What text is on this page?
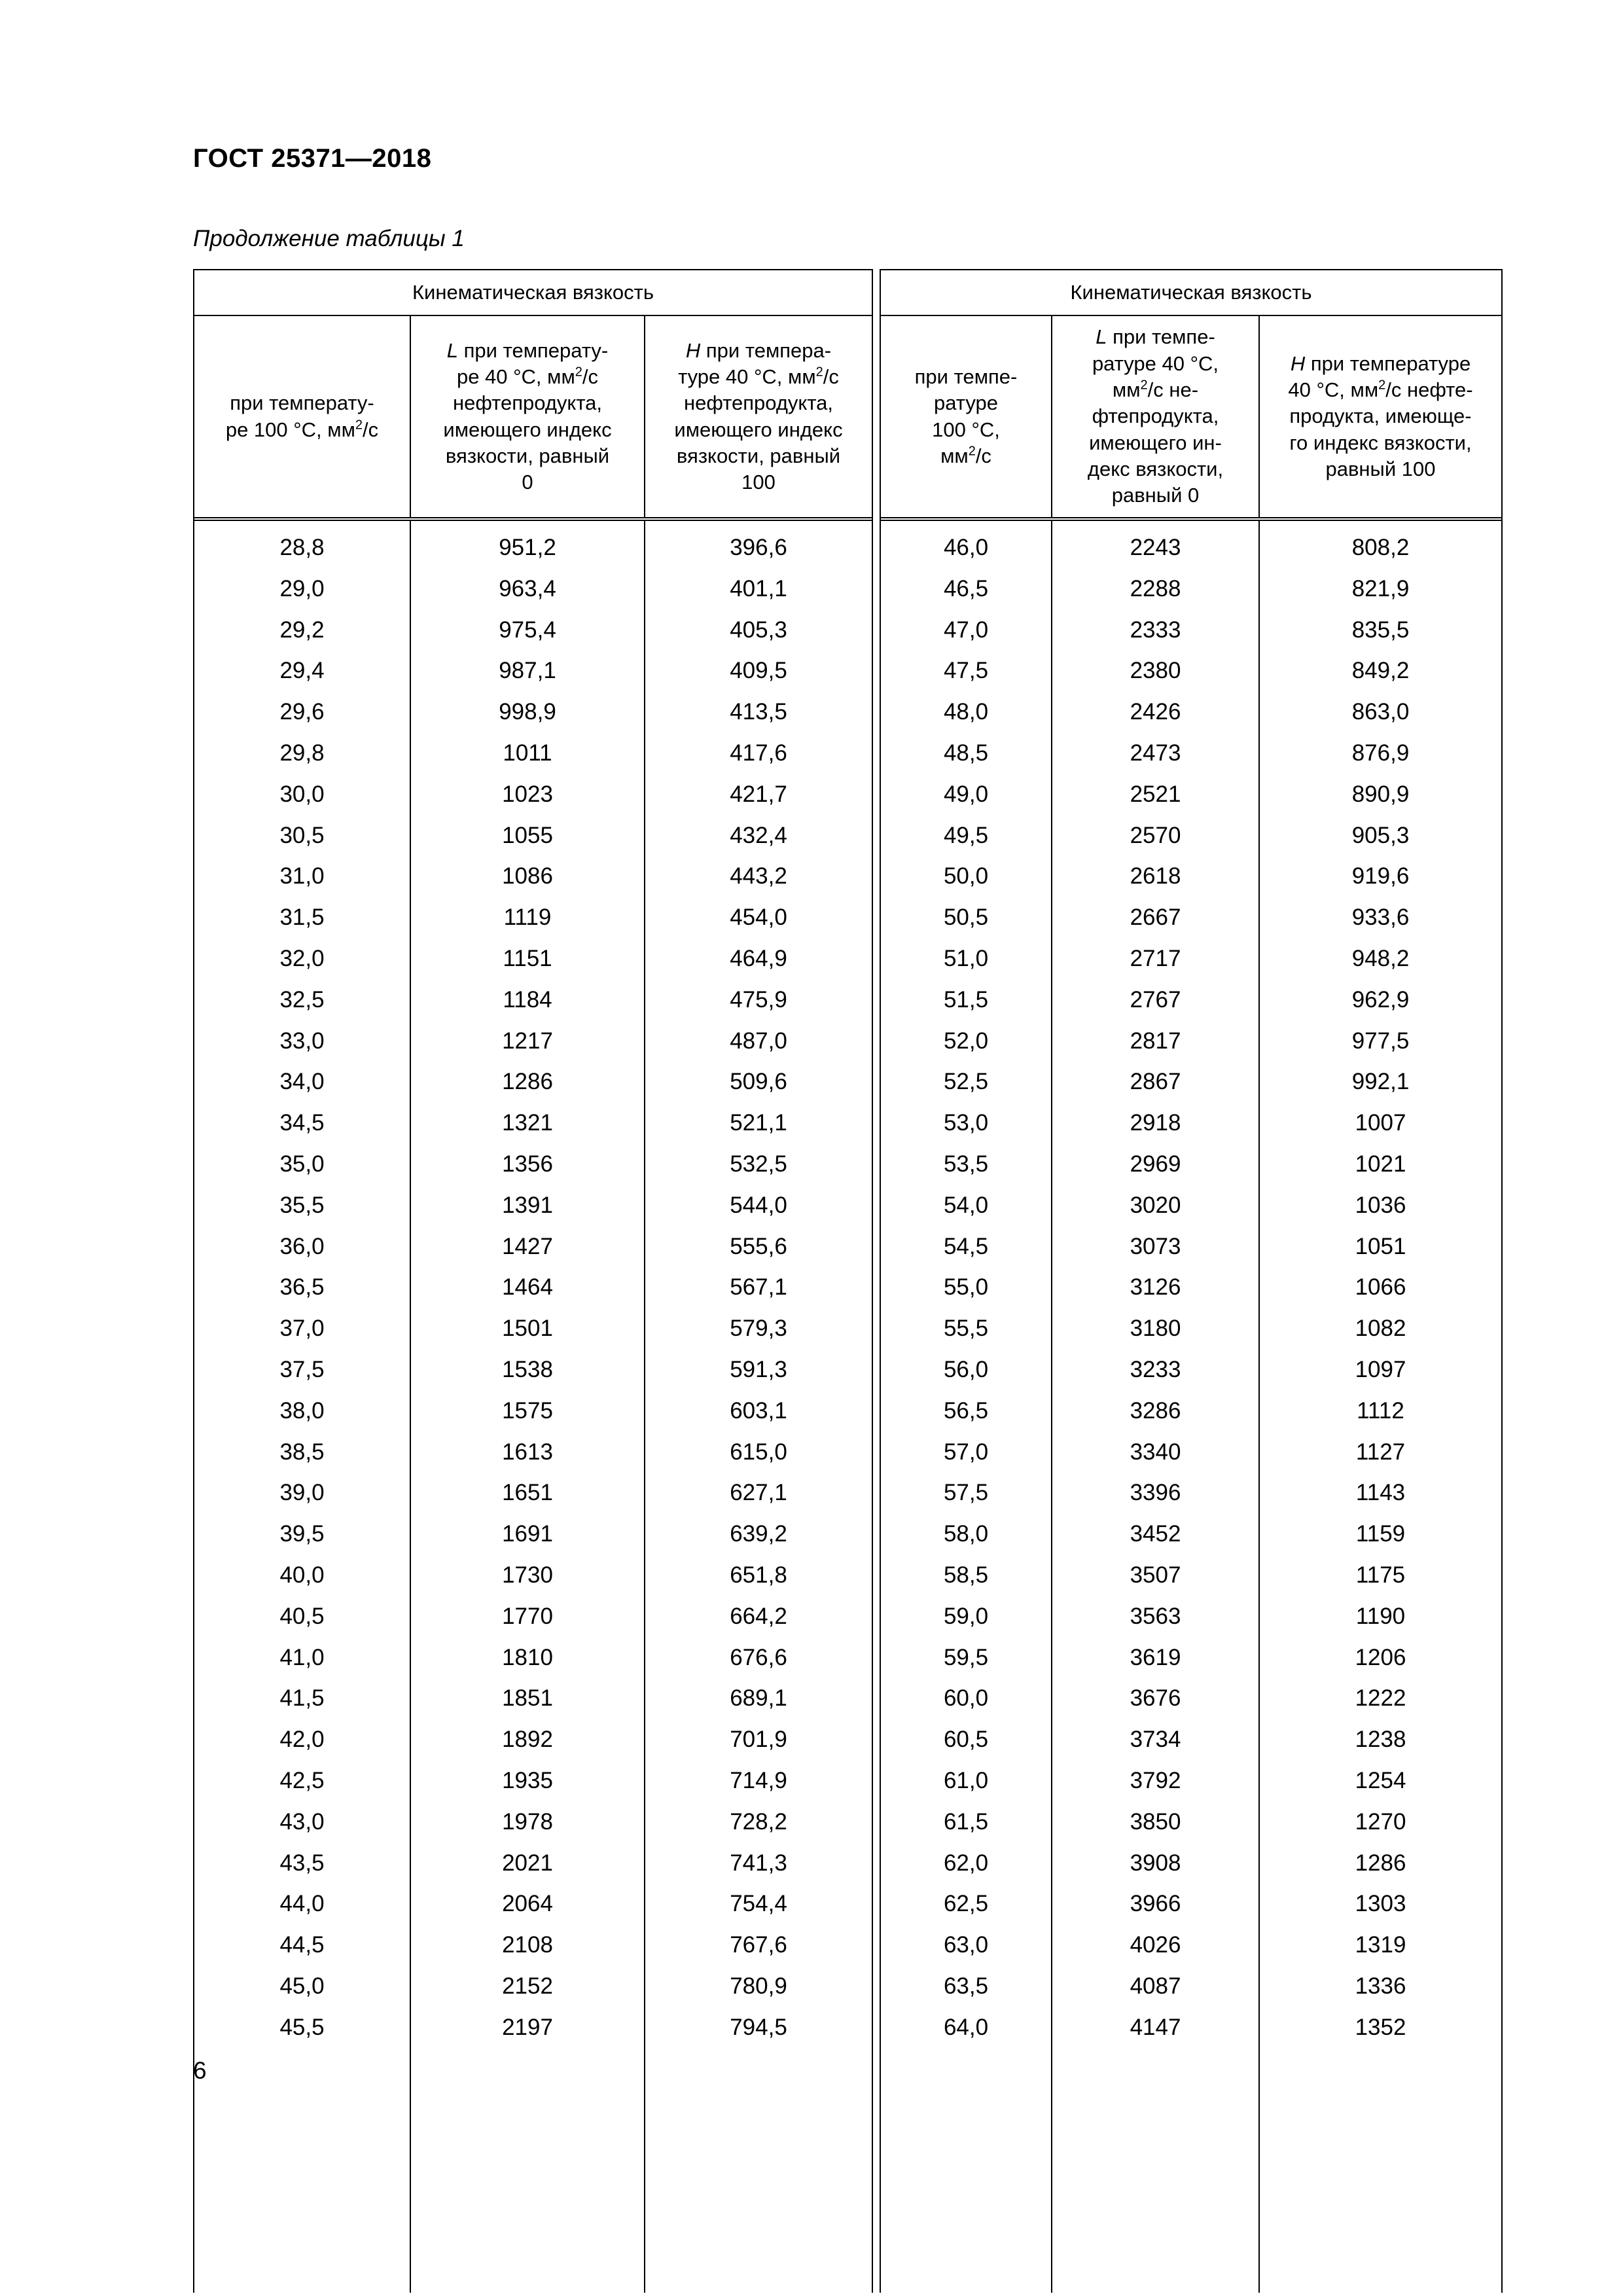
ГОСТ 25371—2018
Продолжение таблицы 1
Кинематическая вязкость
при температу-
ре 100 °С, $мм^2/с$
L при температу-
ре 40 °С, $мм^2/с$
нефтепродукта,
имеющего индекс
вязкости, равный
0
H при темпера-
туре 40 °С, $мм^2/с$
нефтепродукта,
имеющего индекс
вязкости, равный
100
28,8
29,0
29,2
29,4
29,6
29,8
30,0
30,5
31,0
31,5
32,0
32,5
33,0
34,0
34,5
35,0
35,5
36,0
36,5
37,0
37,5
38,0
38,5
39,0
39,5
40,0
40,5
41,0
41,5
42,0
42,5
43,0
43,5
44,0
44,5
45,0
45,5
951,2
963,4
975,4
987,1
998,9
1011
1023
1055
1086
1119
1151
1184
1217
1286
1321
1356
1391
1427
1464
1501
1538
1575
1613
1651
1691
1730
1770
1810
1851
1892
1935
1978
2021
2064
2108
2152
2197
396,6
401,1
405,3
409,5
413,5
417,6
421,7
432,4
443,2
454,0
464,9
475,9
487,0
509,6
521,1
532,5
544,0
555,6
567,1
579,3
591,3
603,1
615,0
627,1
639,2
651,8
664,2
676,6
689,1
701,9
714,9
728,2
741,3
754,4
767,6
780,9
794,5
Кинематическая вязкость
при темпе-
ратуре
100 °С,
$мм^2/с$
L при темпе-
ратуре 40 °С,
$мм^2/с$ не-
фтепродукта,
имеющего ин-
декс вязкости,
равный 0
H при температуре
40 °С, $мм^2/с$ нефте-
продукта, имеюще-
го индекс вязкости,
равный 100
46,0
46,5
47,0
47,5
48,0
48,5
49,0
49,5
50,0
50,5
51,0
51,5
52,0
52,5
53,0
53,5
54,0
54,5
55,0
55,5
56,0
56,5
57,0
57,5
58,0
58,5
59,0
59,5
60,0
60,5
61,0
61,5
62,0
62,5
63,0
63,5
64,0
2243
2288
2333
2380
2426
2473
2521
2570
2618
2667
2717
2767
2817
2867
2918
2969
3020
3073
3126
3180
3233
3286
3340
3396
3452
3507
3563
3619
3676
3734
3792
3850
3908
3966
4026
4087
4147
808,2
821,9
835,5
849,2
863,0
876,9
890,9
905,3
919,6
933,6
948,2
962,9
977,5
992,1
1007
1021
1036
1051
1066
1082
1097
1112
1127
1143
1159
1175
1190
1206
1222
1238
1254
1270
1286
1303
1319
1336
1352
6
